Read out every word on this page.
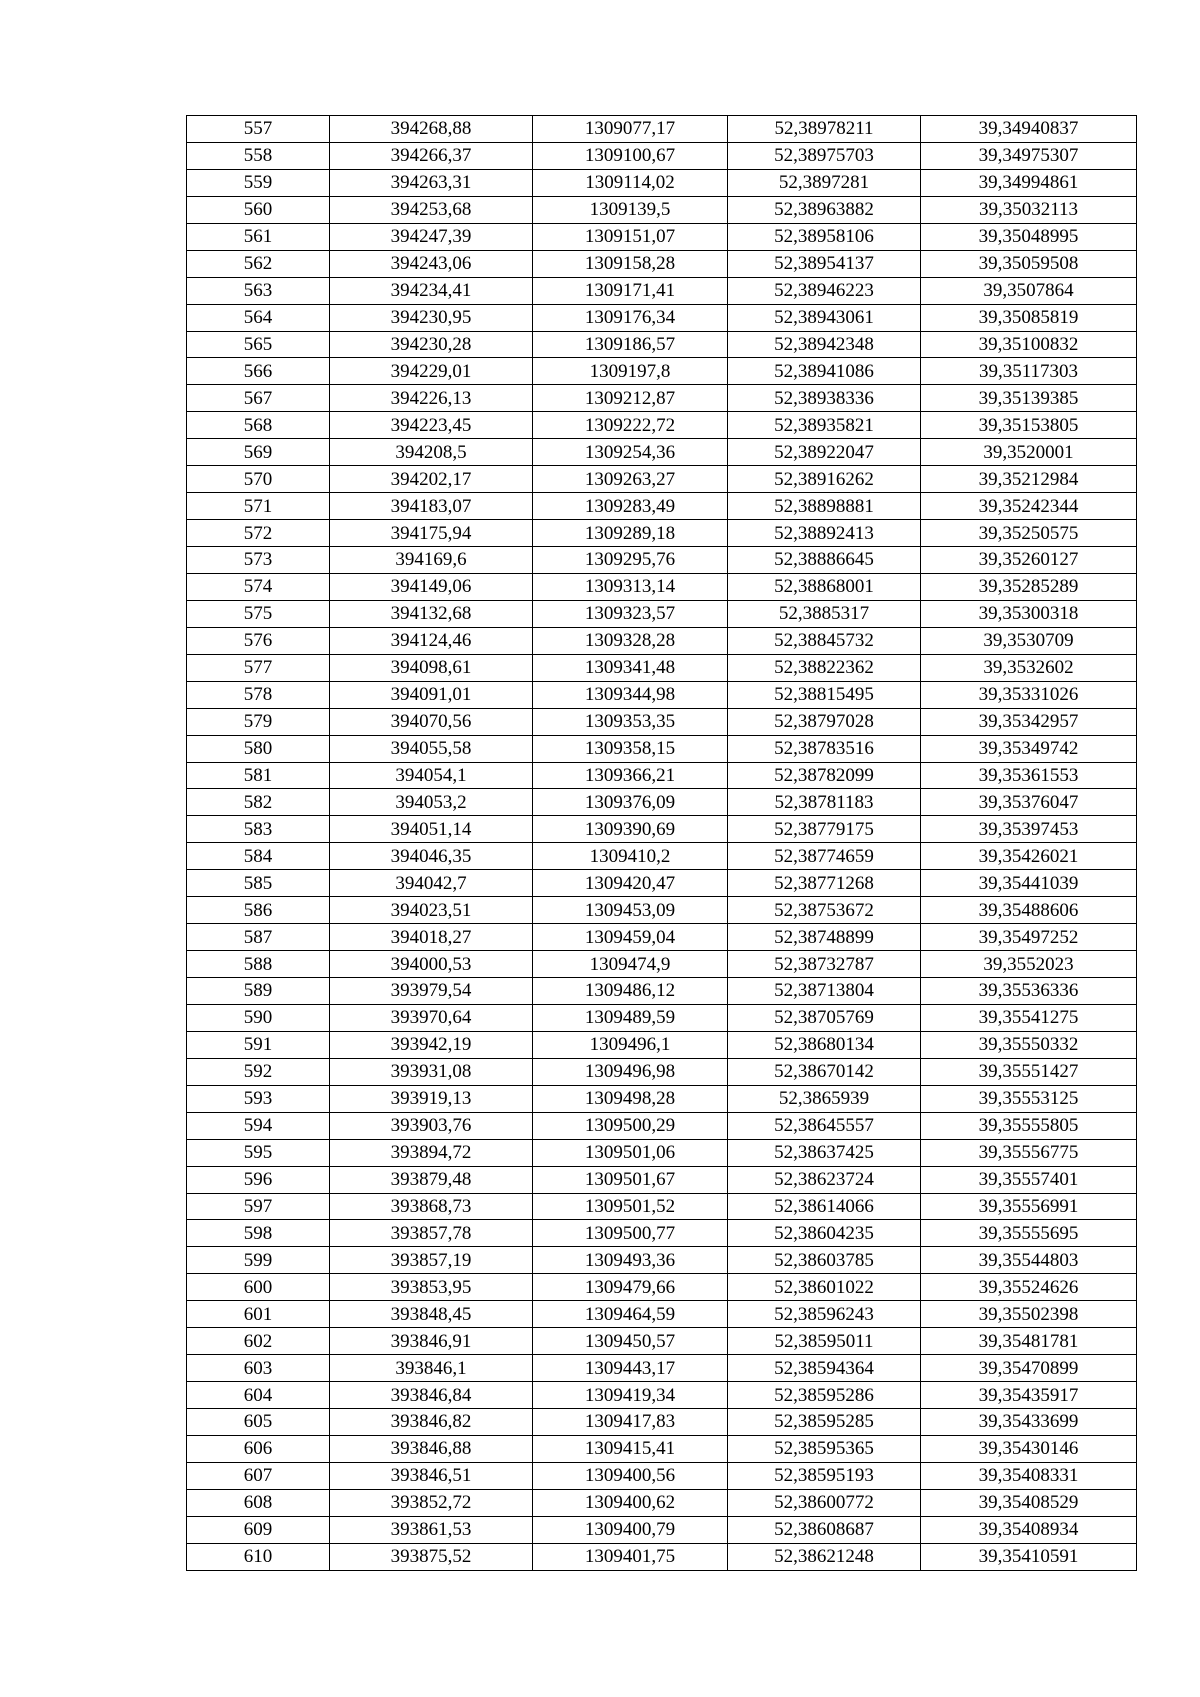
557	394268,88	1309077,17	52,38978211	39,34940837
558	394266,37	1309100,67	52,38975703	39,34975307
559	394263,31	1309114,02	52,3897281	39,34994861
560	394253,68	1309139,5	52,38963882	39,35032113
561	394247,39	1309151,07	52,38958106	39,35048995
562	394243,06	1309158,28	52,38954137	39,35059508
563	394234,41	1309171,41	52,38946223	39,3507864
564	394230,95	1309176,34	52,38943061	39,35085819
565	394230,28	1309186,57	52,38942348	39,35100832
566	394229,01	1309197,8	52,38941086	39,35117303
567	394226,13	1309212,87	52,38938336	39,35139385
568	394223,45	1309222,72	52,38935821	39,35153805
569	394208,5	1309254,36	52,38922047	39,3520001
570	394202,17	1309263,27	52,38916262	39,35212984
571	394183,07	1309283,49	52,38898881	39,35242344
572	394175,94	1309289,18	52,38892413	39,35250575
573	394169,6	1309295,76	52,38886645	39,35260127
574	394149,06	1309313,14	52,38868001	39,35285289
575	394132,68	1309323,57	52,3885317	39,35300318
576	394124,46	1309328,28	52,38845732	39,3530709
577	394098,61	1309341,48	52,38822362	39,3532602
578	394091,01	1309344,98	52,38815495	39,35331026
579	394070,56	1309353,35	52,38797028	39,35342957
580	394055,58	1309358,15	52,38783516	39,35349742
581	394054,1	1309366,21	52,38782099	39,35361553
582	394053,2	1309376,09	52,38781183	39,35376047
583	394051,14	1309390,69	52,38779175	39,35397453
584	394046,35	1309410,2	52,38774659	39,35426021
585	394042,7	1309420,47	52,38771268	39,35441039
586	394023,51	1309453,09	52,38753672	39,35488606
587	394018,27	1309459,04	52,38748899	39,35497252
588	394000,53	1309474,9	52,38732787	39,3552023
589	393979,54	1309486,12	52,38713804	39,35536336
590	393970,64	1309489,59	52,38705769	39,35541275
591	393942,19	1309496,1	52,38680134	39,35550332
592	393931,08	1309496,98	52,38670142	39,35551427
593	393919,13	1309498,28	52,3865939	39,35553125
594	393903,76	1309500,29	52,38645557	39,35555805
595	393894,72	1309501,06	52,38637425	39,35556775
596	393879,48	1309501,67	52,38623724	39,35557401
597	393868,73	1309501,52	52,38614066	39,35556991
598	393857,78	1309500,77	52,38604235	39,35555695
599	393857,19	1309493,36	52,38603785	39,35544803
600	393853,95	1309479,66	52,38601022	39,35524626
601	393848,45	1309464,59	52,38596243	39,35502398
602	393846,91	1309450,57	52,38595011	39,35481781
603	393846,1	1309443,17	52,38594364	39,35470899
604	393846,84	1309419,34	52,38595286	39,35435917
605	393846,82	1309417,83	52,38595285	39,35433699
606	393846,88	1309415,41	52,38595365	39,35430146
607	393846,51	1309400,56	52,38595193	39,35408331
608	393852,72	1309400,62	52,38600772	39,35408529
609	393861,53	1309400,79	52,38608687	39,35408934
610	393875,52	1309401,75	52,38621248	39,35410591
